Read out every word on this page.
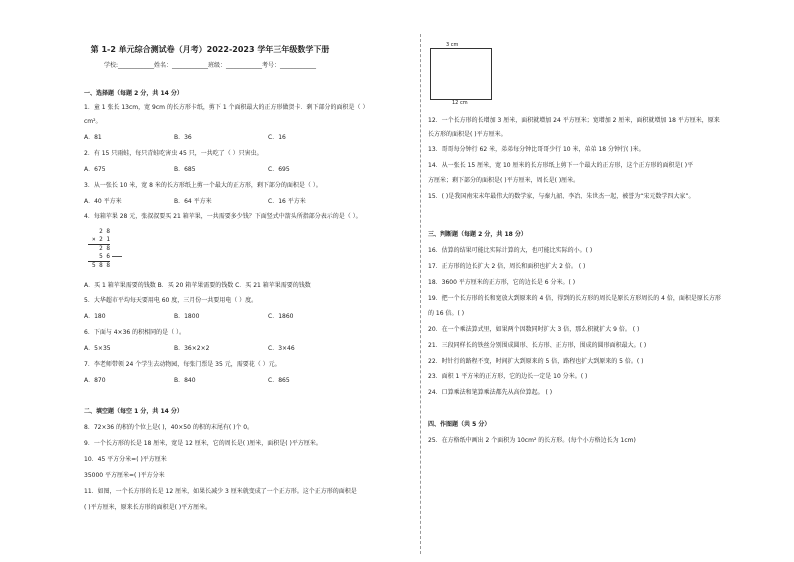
第 1-2 单元综合测试卷（月考）2022-2023 学年三年级数学下册
学校:____________姓名：____________班级：____________考号：____________
一、选择题（每题 2 分，共 14 分）
1．童 1 张长 13cm，宽 9cm 的长方形卡纸，剪下 1 个面积最大的正方形做贺卡．剩下部分的面积是（ ）
cm²。
A．81	B．36	C．16
2．有 15 只雨蛙，每只青蛙吃害虫 45 只，一共吃了（ ）只害虫。
A．675	B．685	C．695
3．从一张长 10 米，宽 8 米的长方形纸上剪一个最大的正方形，剩下部分的面积是（ ）。
A．40 平方米	B．64 平方米	C．16 平方米
4．每箱苹果 28 元，张叔叔要买 21 箱苹果，一共需要多少钱？下面竖式中箭头所指部分表示的是（ ）。
2 8
× 2 1
2 8
5 6
5 8 8
A．买 1 箱苹果需要的钱数 B．买 20 箱苹果需要的钱数 C．买 21 箱苹果需要的钱数
5．大华超市平均每天要用电 60 度，三月份一共要用电（ ）度。
A．180	B．1800	C．1860
6．下面与 4×36 的积相同的是（ ）。
A．5×35	B．36×2×2	C．3×46
7．李老师带领 24 个学生去动物园，每张门票是 35 元，需要花（ ）元。
A．870	B．840	C．865
二、填空题（每空 1 分，共 14 分）
8．72×36 的积的个位上是( )，40×50 的积的末尾有( )个 0。
9．一个长方形的长是 18 厘米，宽是 12 厘米，它的周长是( )厘米，面积是( )平方厘米。
10．45 平方分米=( )平方厘米
35000 平方厘米=( )平方分米
11．如图，一个长方形的长是 12 厘米，如果长减少 3 厘米就变成了一个正方形。这个正方形的面积是
( )平方厘米，原来长方形的面积是( )平方厘米。
3 cm
12 cm
12．一个长方形的长增加 3 厘米，面积就增加 24 平方厘米；宽增加 2 厘米，面积就增加 18 平方厘米，原来
长方形的面积是( )平方厘米。
13．哥哥每分钟行 62 米，弟弟每分钟比哥哥少行 10 米，弟弟 18 分钟行( )米。
14．从一张长 15 厘米，宽 10 厘米的长方形纸上剪下一个最大的正方形，这个正方形的面积是( )平
方厘米；剩下部分的面积是( )平方厘米，周长是( )厘米。
15．( )是我国南宋末年最伟大的数学家，与秦九韶、李冶、朱世杰一起，被誉为“宋元数学四大家”。
三、判断题（每题 2 分，共 18 分）
16．估算的结果可能比实际计算的大，也可能比实际的小。( )
17．正方形的边长扩大 2 倍，周长和面积也扩大 2 倍。 ( )
18．3600 平方厘米的正方形，它的边长是 6 分米。( )
19．把一个长方形的长和宽放大到原来的 4 倍，得到的长方形的周长是原长方形周长的 4 倍，面积是原长方形
的 16 倍。( )
20．在一个乘法算式里，如果两个因数同时扩大 3 倍，那么积就扩大 9 倍。 ( )
21．三段同样长的铁丝分别围成圆形、长方形、正方形，围成的圆形面积最大。( )
22．时针行的路程不变，时间扩大到原来的 5 倍，路程也扩大到原来的 5 倍。( )
23．面积 1 平方米的正方形，它的边长一定是 10 分米。( )
24．口算乘法和笔算乘法都先从高位算起。 ( )
四、作图题（共 5 分）
25．在方格纸中画出 2 个面积为 10cm² 的长方形。(每个小方格边长为 1cm)
